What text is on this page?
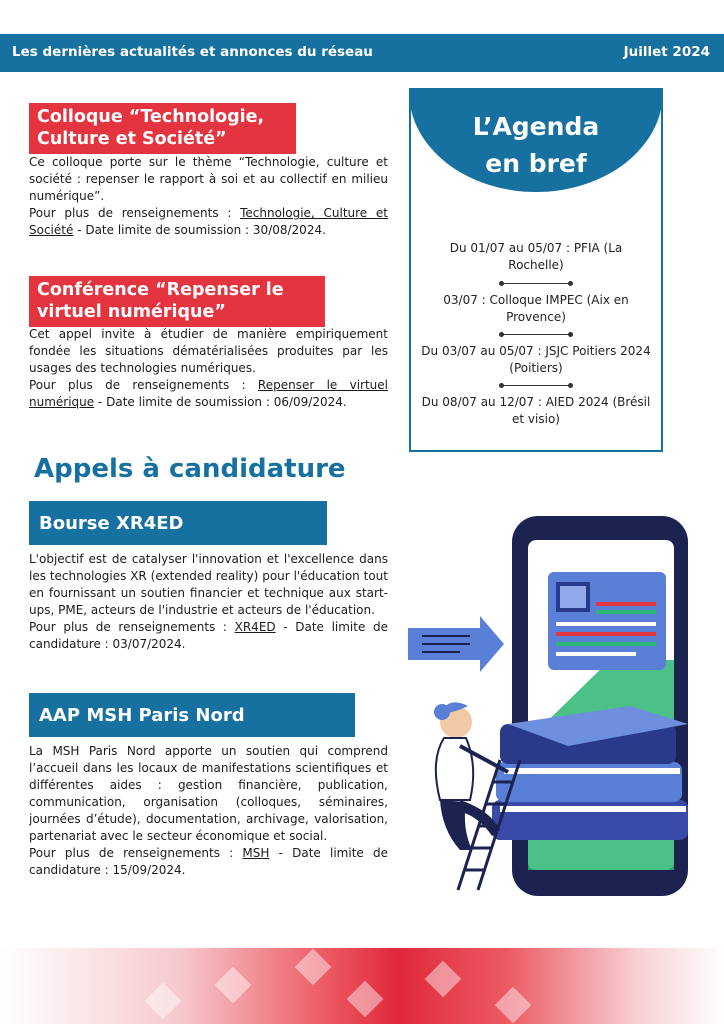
Les dernières actualités et annonces du réseau	Juillet 2024
Colloque “Technologie,
Culture et Société”

Ce colloque porte sur le thème “Technologie, culture et société : repenser le rapport à soi et au collectif en milieu numérique”.

Pour plus de renseignements : Technologie, Culture et Société - Date limite de soumission : 30/08/2024.

Conférence “Repenser le
virtuel numérique”

Cet appel invite à étudier de manière empiriquement fondée les situations dématérialisées produites par les usages des technologies numériques.

Pour plus de renseignements : Repenser le virtuel numérique - Date limite de soumission : 06/09/2024.

L’Agenda
en bref
Du 01/07 au 05/07 : PFIA (La Rochelle)
03/07 : Colloque IMPEC (Aix en Provence)
Du 03/07 au 05/07 : JSJC Poitiers 2024 (Poitiers)
Du 08/07 au 12/07 : AIED 2024 (Brésil et visio)
Appels à candidature
Bourse XR4ED

L'objectif est de catalyser l'innovation et l'excellence dans les technologies XR (extended reality) pour l'éducation tout en fournissant un soutien financier et technique aux start-ups, PME, acteurs de l'industrie et acteurs de l'éducation.

Pour plus de renseignements : XR4ED - Date limite de candidature : 03/07/2024.

AAP MSH Paris Nord

La MSH Paris Nord apporte un soutien qui comprend l’accueil dans les locaux de manifestations scientifiques et différentes aides : gestion financière, publication, communication, organisation (colloques, séminaires, journées d’étude), documentation, archivage, valorisation, partenariat avec le secteur économique et social.

Pour plus de renseignements : MSH - Date limite de candidature : 15/09/2024.
